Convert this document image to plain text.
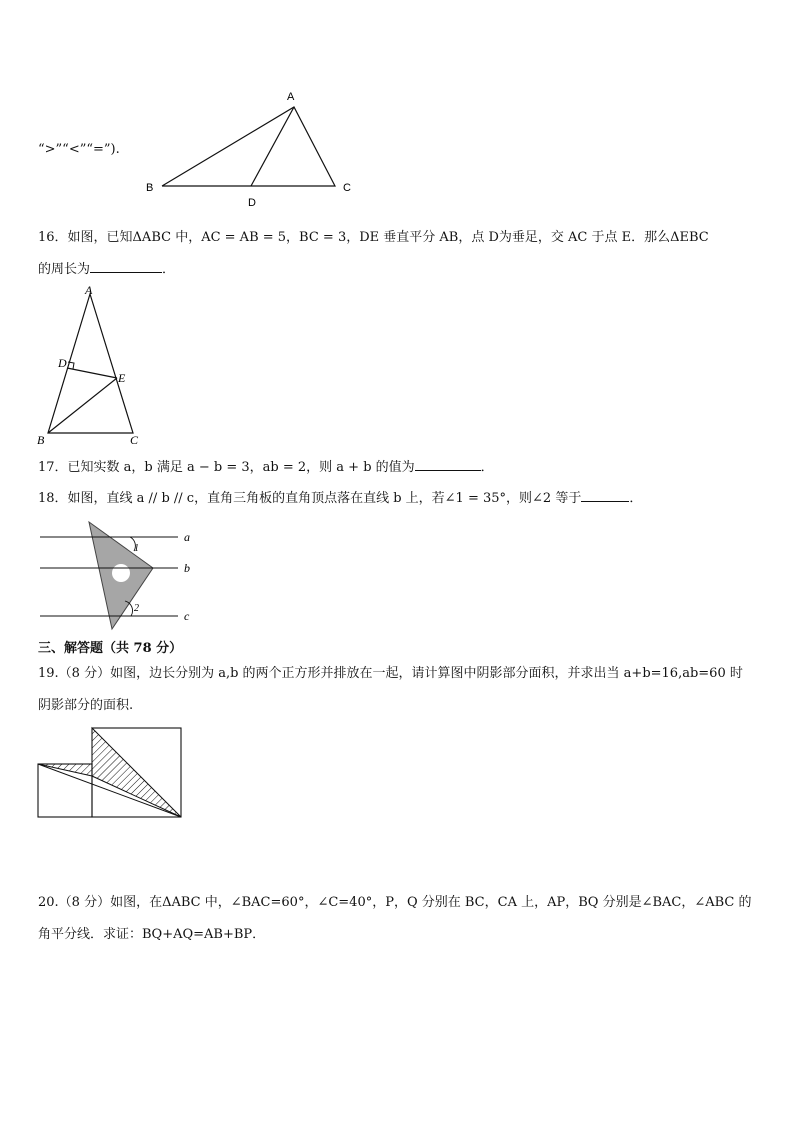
“>”“<”“=”).
A
B	C
D
16．如图，已知ΔABC 中，AC = AB = 5，BC = 3，DE 垂直平分 AB，点 D为垂足，交 AC 于点 E．那么ΔEBC
的周长为	．
A
D
E
B	C
17．已知实数 a，b 满足 a − b = 3，ab = 2，则 a + b 的值为	．
18．如图，直线 a // b // c，直角三角板的直角顶点落在直线 b 上，若∠1 = 35°，则∠2 等于	．
1
2
a
b
c
三、解答题（共 78 分）
19.（8 分）如图，边长分别为 a,b 的两个正方形并排放在一起，请计算图中阴影部分面积，并求出当 a+b=16,ab=60 时
阴影部分的面积.
20.（8 分）如图，在ΔABC 中，∠BAC=60°，∠C=40°，P，Q 分别在 BC，CA 上，AP，BQ 分别是∠BAC，∠ABC 的
角平分线．求证：BQ+AQ=AB+BP．
